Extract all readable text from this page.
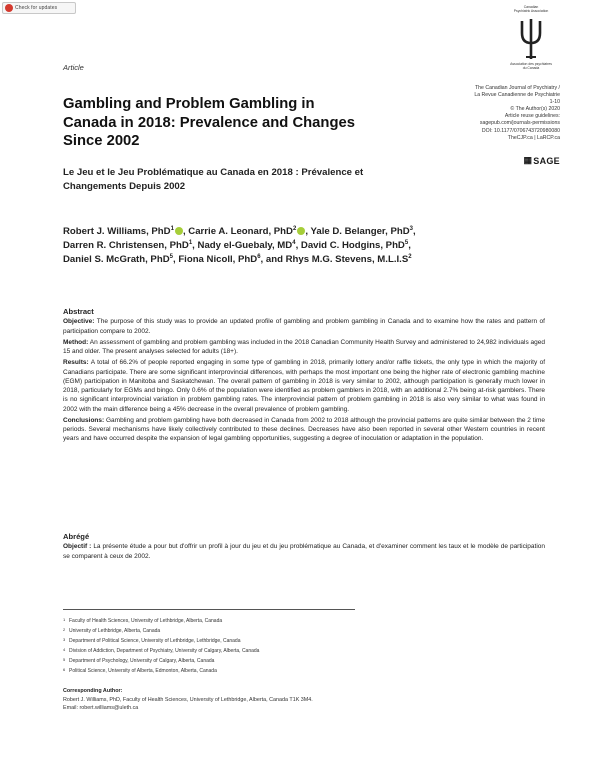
Check for updates	Canadian
Psychiatric Association
Association des psychiatres
du Canada
Article
The Canadian Journal of Psychiatry /
La Revue Canadienne de Psychiatrie
1-10
© The Author(s) 2020
Article reuse guidelines:
sagepub.com/journals-permissions
DOI: 10.1177/0706743720980080
TheCJP.ca | LaRCP.ca
▦ SAGE
Gambling and Problem Gambling in Canada in 2018: Prevalence and Changes Since 2002
Le Jeu et le Jeu Problématique au Canada en 2018 : Prévalence et Changements Depuis 2002
Robert J. Williams, PhD$^1$ , Carrie A. Leonard, PhD$^2$ , Yale D. Belanger, PhD$^3$,
Darren R. Christensen, PhD$^1$, Nady el-Guebaly, $MD^4$, David C. Hodgins, PhD$^5$,
Daniel S. McGrath, PhD$^5$, Fiona Nicoll, PhD$^6$, and Rhys M.G. Stevens, $M.L.I.S^2$
Abstract

Objective: The purpose of this study was to provide an updated profile of gambling and problem gambling in Canada and to examine how the rates and pattern of participation compare to 2002.

Method: An assessment of gambling and problem gambling was included in the 2018 Canadian Community Health Survey and administered to 24,982 individuals aged 15 and older. The present analyses selected for adults (18+).

Results: A total of 66.2% of people reported engaging in some type of gambling in 2018, primarily lottery and/or raffle tickets, the only type in which the majority of Canadians participate. There are some significant interprovincial differences, with perhaps the most important one being the higher rate of electronic gambling machine (EGM) participation in Manitoba and Saskatchewan. The overall pattern of gambling in 2018 is very similar to 2002, although participation is generally much lower in 2018, particularly for EGMs and bingo. Only 0.6% of the population were identified as problem gamblers in 2018, with an additional 2.7% being at-risk gamblers. There is no significant interprovincial variation in problem gambling rates. The interprovincial pattern of problem gambling in 2018 is also very similar to what was found in 2002 with the main difference being a 45% decrease in the overall prevalence of problem gambling.

Conclusions: Gambling and problem gambling have both decreased in Canada from 2002 to 2018 although the provincial patterns are quite similar between the 2 time periods. Several mechanisms have likely collectively contributed to these declines. Decreases have also been reported in several other Western countries in recent years and have occurred despite the expansion of legal gambling opportunities, suggesting a degree of inoculation or adaptation in the population.

Abrégé

Objectif : La présente étude a pour but d'offrir un profil à jour du jeu et du jeu problématique au Canada, et d'examiner comment les taux et le modèle de participation se comparent à ceux de 2002.

1 Faculty of Health Sciences, University of Lethbridge, Alberta, Canada
2 University of Lethbridge, Alberta, Canada
3 Department of Political Science, University of Lethbridge, Lethbridge, Canada
4 Division of Addiction, Department of Psychiatry, University of Calgary, Alberta, Canada
5 Department of Psychology, University of Calgary, Alberta, Canada
6 Political Science, University of Alberta, Edmonton, Alberta, Canada
Corresponding Author:
Robert J. Williams, PhD, Faculty of Health Sciences, University of Lethbridge, Alberta, Canada T1K 3M4.
Email: robert.williams@uleth.ca
